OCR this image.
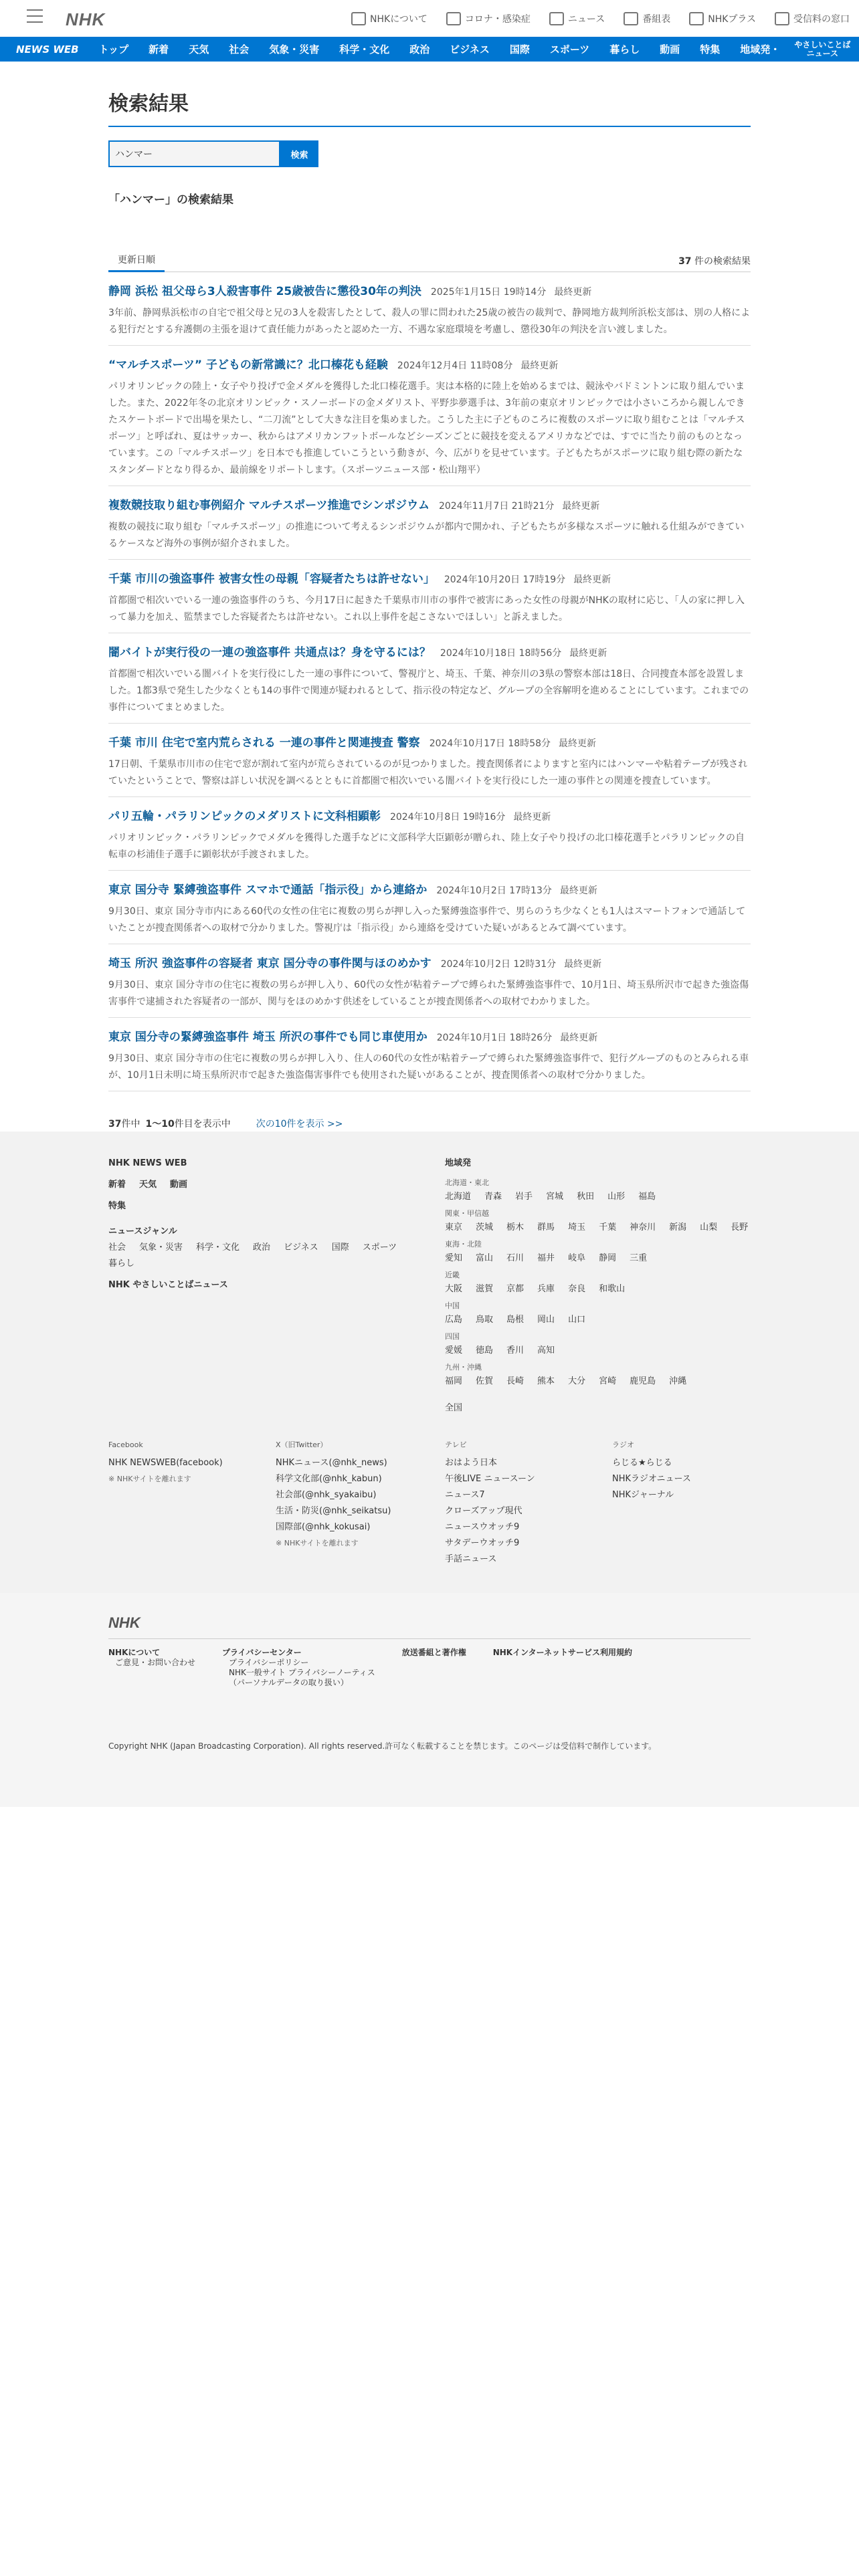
NHK	NHKについて	コロナ・感染症	ニュース	番組表	NHKプラス	受信料の窓口
NEWS WEB	トップ	新着	天気	社会	気象・災害	科学・文化	政治	ビジネス	国際	スポーツ	暮らし	動画	特集	地域発・	やさしいことば
ニュース
検索結果
ハンマー
検索
「ハンマー」の検索結果
更新日順	37 件の検索結果
静岡 浜松 祖父母ら3人殺害事件 25歳被告に懲役30年の判決 2025年1月15日 19時14分 最終更新
3年前、静岡県浜松市の自宅で祖父母と兄の3人を殺害したとして、殺人の罪に問われた25歳の被告の裁判で、静岡地方裁判所浜松支部は、別の人格による犯行だとする弁護側の主張を退けて責任能力があったと認めた一方、不遇な家庭環境を考慮し、懲役30年の判決を言い渡しました。
“マルチスポーツ” 子どもの新常識に？北口榛花も経験 2024年12月4日 11時08分 最終更新
パリオリンピックの陸上・女子やり投げで金メダルを獲得した北口榛花選手。実は本格的に陸上を始めるまでは、競泳やバドミントンに取り組んでいました。また、2022年冬の北京オリンピック・スノーボードの金メダリスト、平野歩夢選手は、3年前の東京オリンピックでは小さいころから親しんできたスケートボードで出場を果たし、“二刀流”として大きな注目を集めました。こうした主に子どものころに複数のスポーツに取り組むことは「マルチスポーツ」と呼ばれ、夏はサッカー、秋からはアメリカンフットボールなどシーズンごとに競技を変えるアメリカなどでは、すでに当たり前のものとなっています。この「マルチスポーツ」を日本でも推進していこうという動きが、今、広がりを見せています。子どもたちがスポーツに取り組む際の新たなスタンダードとなり得るか、最前線をリポートします。（スポーツニュース部・松山翔平）
複数競技取り組む事例紹介 マルチスポーツ推進でシンポジウム 2024年11月7日 21時21分 最終更新
複数の競技に取り組む「マルチスポーツ」の推進について考えるシンポジウムが都内で開かれ、子どもたちが多様なスポーツに触れる仕組みができているケースなど海外の事例が紹介されました。
千葉 市川の強盗事件 被害女性の母親「容疑者たちは許せない」 2024年10月20日 17時19分 最終更新
首都圏で相次いでいる一連の強盗事件のうち、今月17日に起きた千葉県市川市の事件で被害にあった女性の母親がNHKの取材に応じ、「人の家に押し入って暴力を加え、監禁までした容疑者たちは許せない。これ以上事件を起こさないでほしい」と訴えました。
闇バイトが実行役の一連の強盗事件 共通点は？身を守るには？ 2024年10月18日 18時56分 最終更新
首都圏で相次いでいる闇バイトを実行役にした一連の事件について、警視庁と、埼玉、千葉、神奈川の3県の警察本部は18日、合同捜査本部を設置しました。1都3県で発生した少なくとも14の事件で関連が疑われるとして、指示役の特定など、グループの全容解明を進めることにしています。これまでの事件についてまとめました。
千葉 市川 住宅で室内荒らされる 一連の事件と関連捜査 警察 2024年10月17日 18時58分 最終更新
17日朝、千葉県市川市の住宅で窓が割れて室内が荒らされているのが見つかりました。捜査関係者によりますと室内にはハンマーや粘着テープが残されていたということで、警察は詳しい状況を調べるとともに首都圏で相次いでいる闇バイトを実行役にした一連の事件との関連を捜査しています。
パリ五輪・パラリンピックのメダリストに文科相顕彰 2024年10月8日 19時16分 最終更新
パリオリンピック・パラリンピックでメダルを獲得した選手などに文部科学大臣顕彰が贈られ、陸上女子やり投げの北口榛花選手とパラリンピックの自転車の杉浦佳子選手に顕彰状が手渡されました。
東京 国分寺 緊縛強盗事件 スマホで通話「指示役」から連絡か 2024年10月2日 17時13分 最終更新
9月30日、東京 国分寺市内にある60代の女性の住宅に複数の男らが押し入った緊縛強盗事件で、男らのうち少なくとも1人はスマートフォンで通話していたことが捜査関係者への取材で分かりました。警視庁は「指示役」から連絡を受けていた疑いがあるとみて調べています。
埼玉 所沢 強盗事件の容疑者 東京 国分寺の事件関与ほのめかす 2024年10月2日 12時31分 最終更新
9月30日、東京 国分寺市の住宅に複数の男らが押し入り、60代の女性が粘着テープで縛られた緊縛強盗事件で、10月1日、埼玉県所沢市で起きた強盗傷害事件で逮捕された容疑者の一部が、関与をほのめかす供述をしていることが捜査関係者への取材でわかりました。
東京 国分寺の緊縛強盗事件 埼玉 所沢の事件でも同じ車使用か 2024年10月1日 18時26分 最終更新
9月30日、東京 国分寺市の住宅に複数の男らが押し入り、住人の60代の女性が粘着テープで縛られた緊縛強盗事件で、犯行グループのものとみられる車が、10月1日未明に埼玉県所沢市で起きた強盗傷害事件でも使用された疑いがあることが、捜査関係者への取材で分かりました。
37件中 1〜10件目を表示中	次の10件を表示 >>
NHK NEWS WEB
新着 天気 動画
特集
ニュースジャンル
社会 気象・災害 科学・文化 政治 ビジネス 国際 スポーツ
暮らし
NHK やさしいことばニュース
地域発
北海道・東北
北海道 青森 岩手 宮城 秋田 山形 福島
関東・甲信越
東京 茨城 栃木 群馬 埼玉 千葉 神奈川 新潟 山梨 長野
東海・北陸
愛知 富山 石川 福井 岐阜 静岡 三重
近畿
大阪 滋賀 京都 兵庫 奈良 和歌山
中国
広島 鳥取 島根 岡山 山口
四国
愛媛 徳島 香川 高知
九州・沖縄
福岡 佐賀 長崎 熊本 大分 宮崎 鹿児島 沖縄
全国
Facebook
NHK NEWSWEB(facebook)
※ NHKサイトを離れます
X（旧Twitter）
NHKニュース(@nhk_news)
科学文化部(@nhk_kabun)
社会部(@nhk_syakaibu)
生活・防災(@nhk_seikatsu)
国際部(@nhk_kokusai)
※ NHKサイトを離れます
テレビ
おはよう日本
午後LIVE ニュースーン
ニュース7
クローズアップ現代
ニュースウオッチ9
サタデーウオッチ9
手話ニュース
ラジオ
らじる★らじる
NHKラジオニュース
NHKジャーナル
NHK
NHKについて
ご意見・お問い合わせ
プライバシーセンター
プライバシーポリシー
NHK一般サイト プライバシーノーティス
（パーソナルデータの取り扱い）
放送番組と著作権	NHKインターネットサービス利用規約
Copyright NHK (Japan Broadcasting Corporation). All rights reserved.許可なく転載することを禁じます。このページは受信料で制作しています。
